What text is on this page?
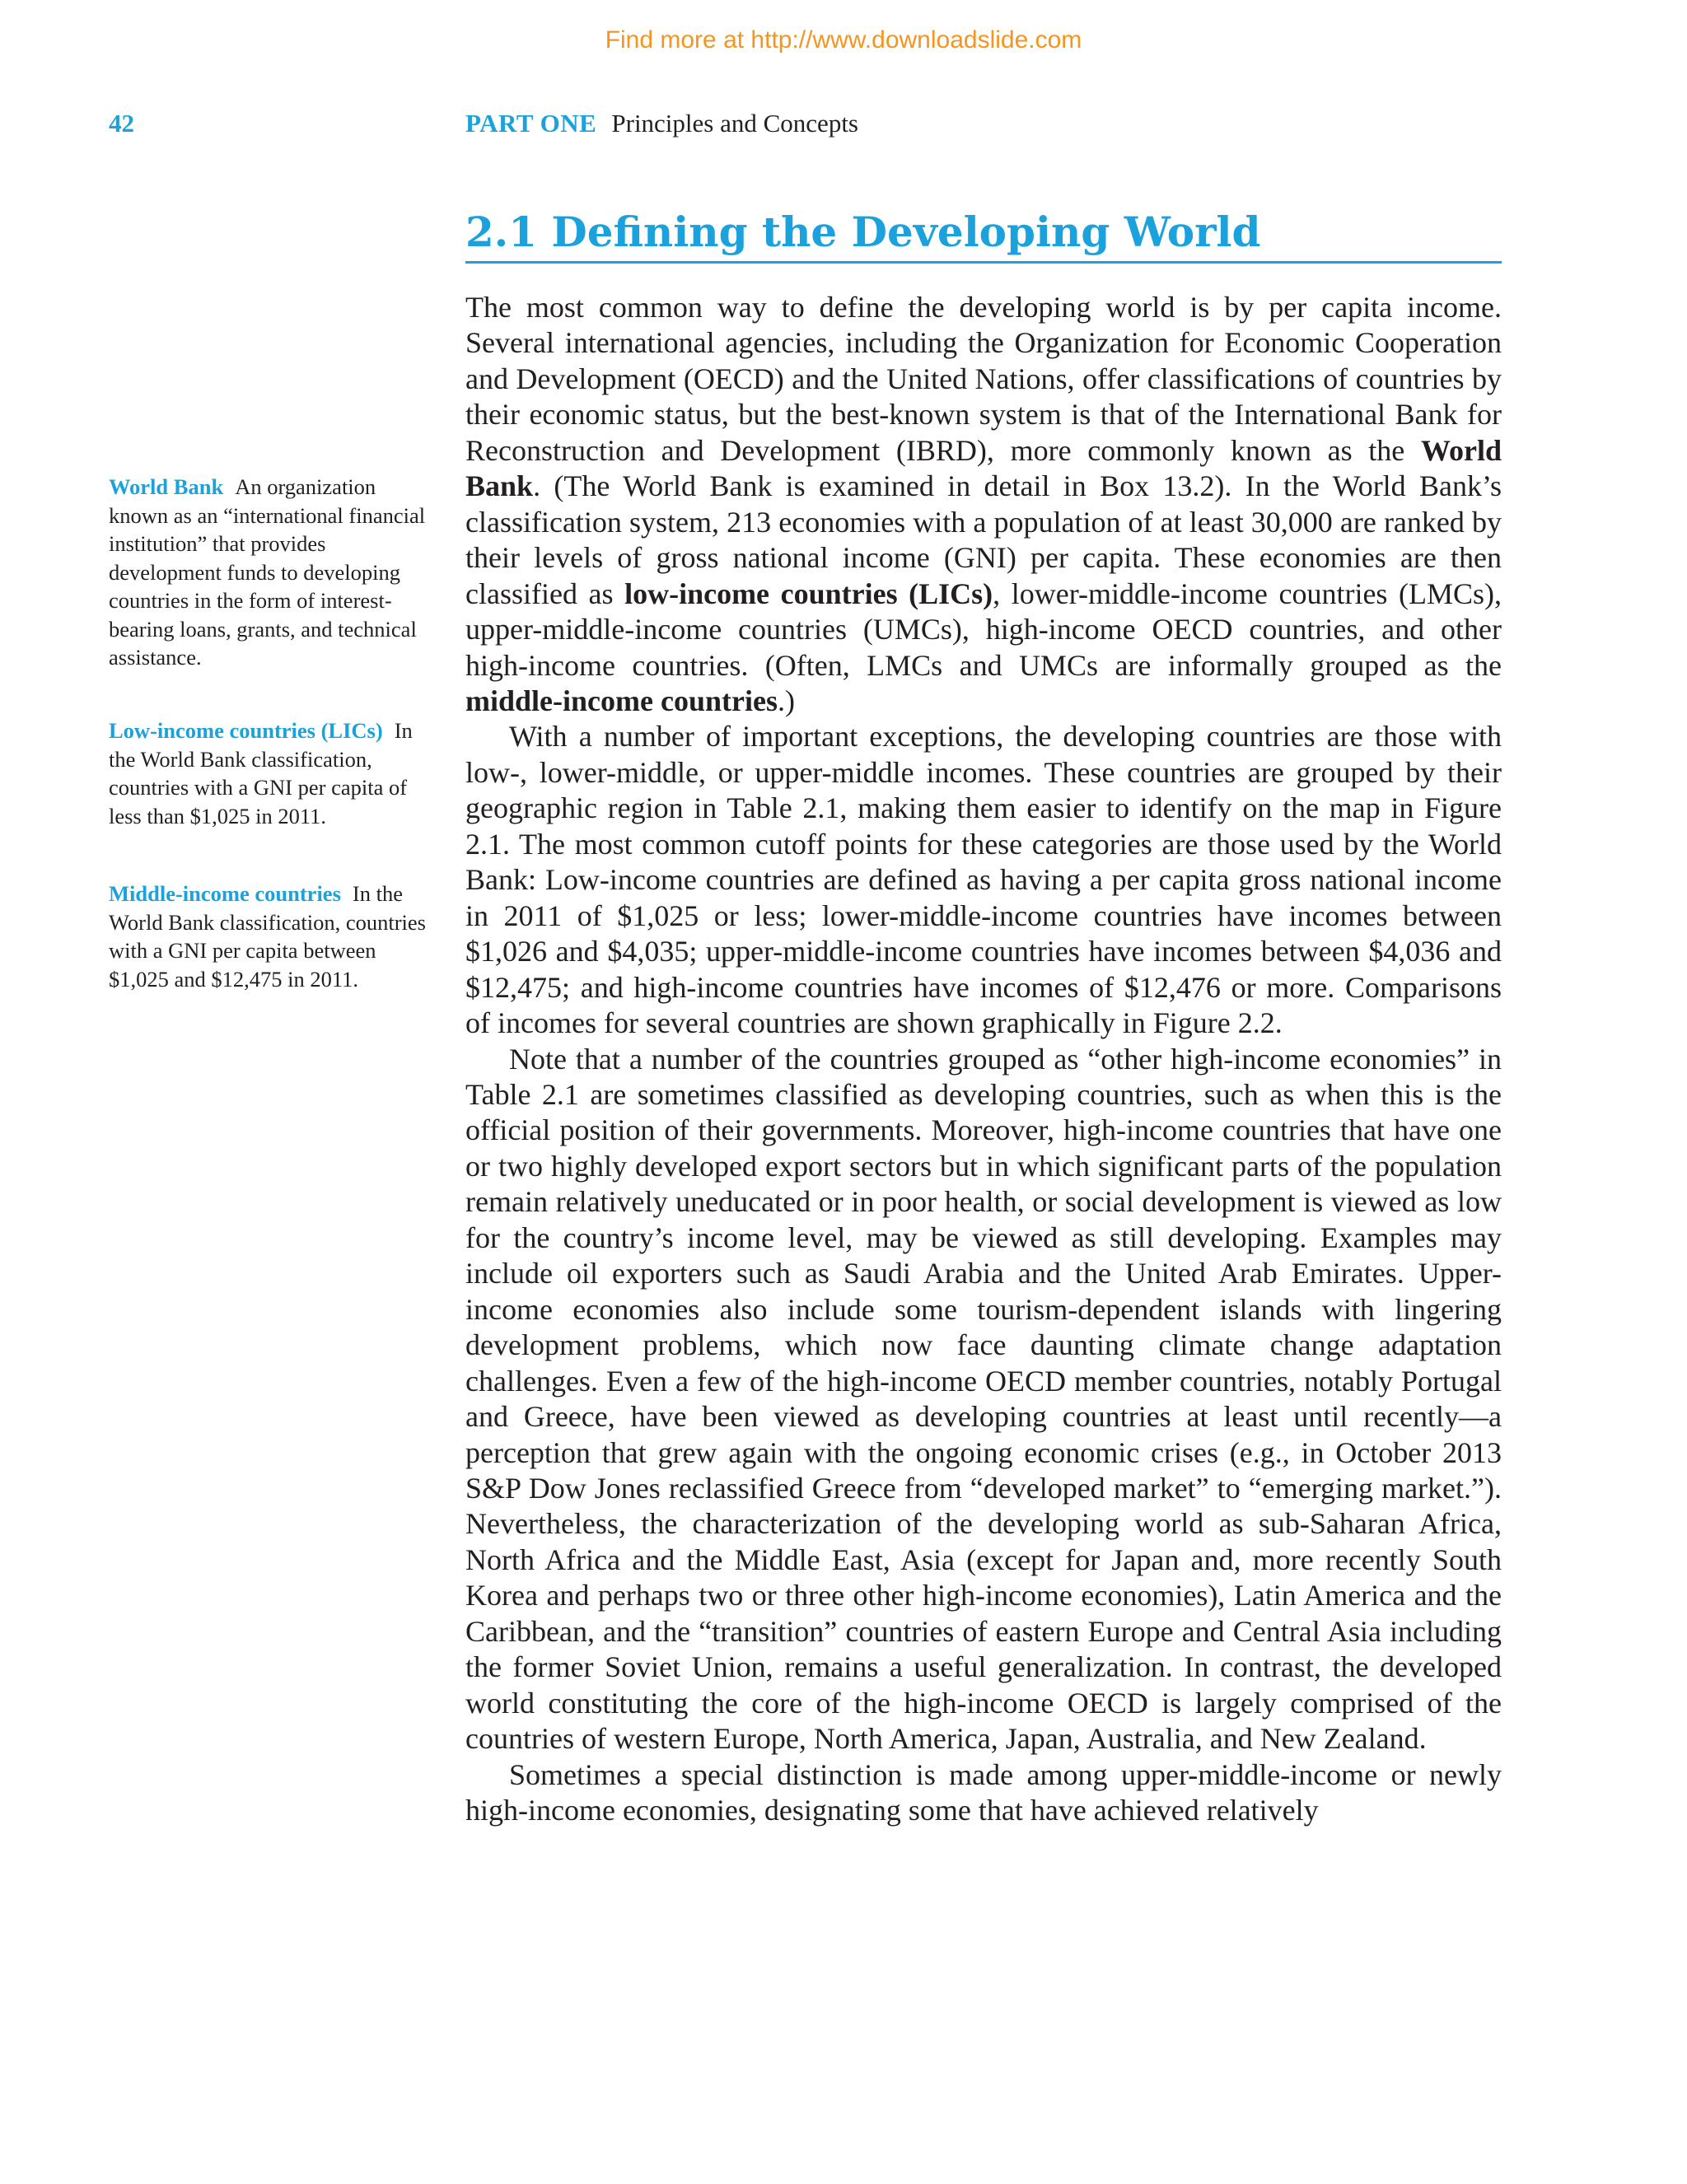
Find more at http://www.downloadslide.com
42	PART ONE Principles and Concepts
2.1 Defining the Developing World
World Bank An organization known as an “international financial institution” that provides development funds to developing countries in the form of interest-bearing loans, grants, and technical assistance.
Low-income countries (LICs) In the World Bank classification, countries with a GNI per capita of less than $1,025 in 2011.
Middle-income countries In the World Bank classification, countries with a GNI per capita between $1,025 and $12,475 in 2011.

The most common way to define the developing world is by per capita income. Several international agencies, including the Organization for Economic Cooperation and Development (OECD) and the United Nations, offer classifications of countries by their economic status, but the best-known system is that of the International Bank for Reconstruction and Development (IBRD), more commonly known as the World Bank. (The World Bank is examined in detail in Box 13.2). In the World Bank’s classification system, 213 economies with a population of at least 30,000 are ranked by their levels of gross national income (GNI) per capita. These economies are then classified as low-income countries (LICs), lower-middle-income countries (LMCs), upper-middle-income countries (UMCs), high-income OECD countries, and other high-income countries. (Often, LMCs and UMCs are informally grouped as the middle-income countries.)

With a number of important exceptions, the developing countries are those with low-, lower-middle, or upper-middle incomes. These countries are grouped by their geographic region in Table 2.1, making them easier to identify on the map in Figure 2.1. The most common cutoff points for these categories are those used by the World Bank: Low-income countries are defined as having a per capita gross national income in 2011 of $1,025 or less; lower-middle-income countries have incomes between $1,026 and $4,035; upper-middle-income countries have incomes between $4,036 and $12,475; and high-income countries have incomes of $12,476 or more. Comparisons of incomes for several countries are shown graphically in Figure 2.2.

Note that a number of the countries grouped as “other high-income economies” in Table 2.1 are sometimes classified as developing countries, such as when this is the official position of their governments. Moreover, high-income countries that have one or two highly developed export sectors but in which significant parts of the population remain relatively uneducated or in poor health, or social development is viewed as low for the country’s income level, may be viewed as still developing. Examples may include oil exporters such as Saudi Arabia and the United Arab Emirates. Upper-income economies also include some tourism-dependent islands with lingering development problems, which now face daunting climate change adaptation challenges. Even a few of the high-income OECD member countries, notably Portugal and Greece, have been viewed as developing countries at least until recently—a perception that grew again with the ongoing economic crises (e.g., in October 2013 S&P Dow Jones reclassified Greece from “developed market” to “emerging market.”). Nevertheless, the characterization of the developing world as sub-Saharan Africa, North Africa and the Middle East, Asia (except for Japan and, more recently South Korea and perhaps two or three other high-income economies), Latin America and the Caribbean, and the “transition” countries of eastern Europe and Central Asia including the former Soviet Union, remains a useful generalization. In contrast, the developed world constituting the core of the high-income OECD is largely comprised of the countries of western Europe, North America, Japan, Australia, and New Zealand.

Sometimes a special distinction is made among upper-middle-income or newly high-income economies, designating some that have achieved relatively
